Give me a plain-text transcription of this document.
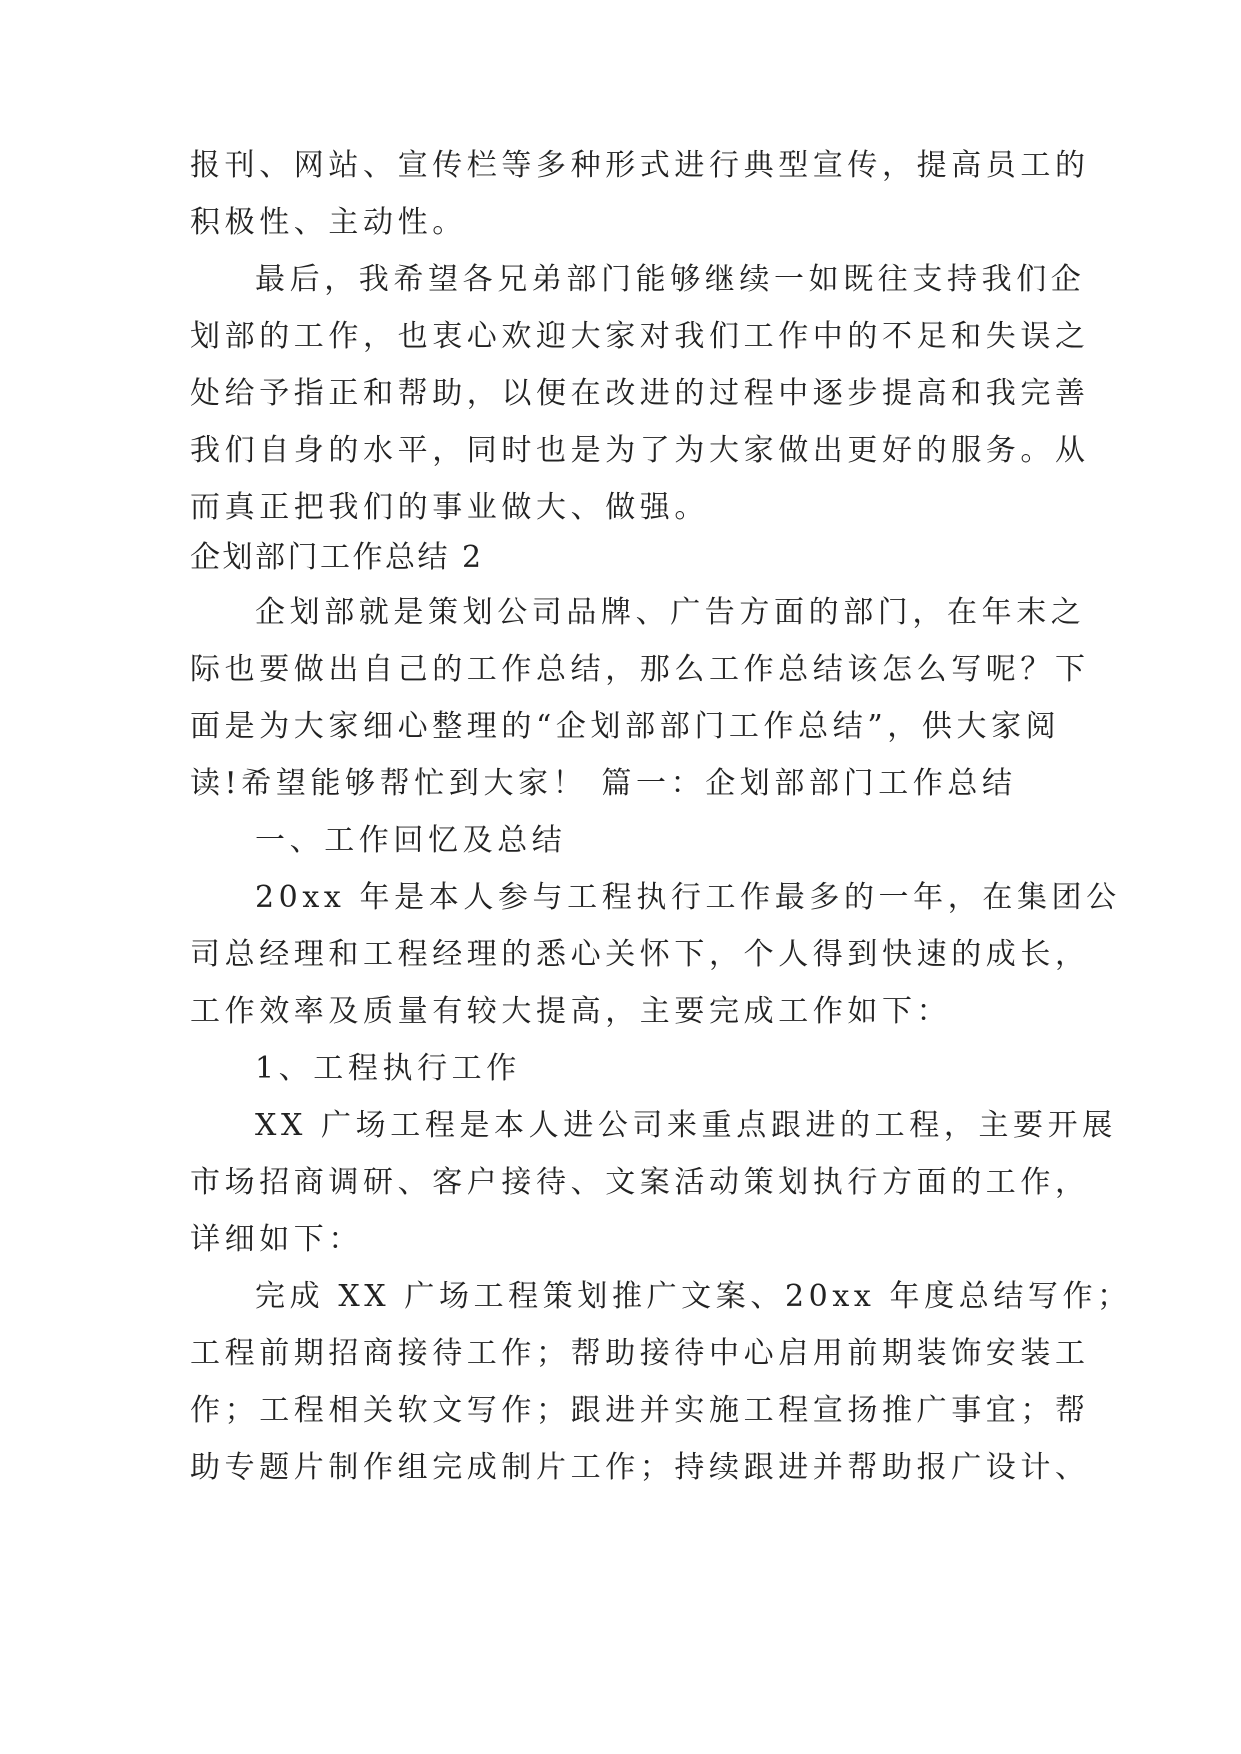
报刊、网站、宣传栏等多种形式进行典型宣传，提高员工的
积极性、主动性。
最后，我希望各兄弟部门能够继续一如既往支持我们企
划部的工作，也衷心欢迎大家对我们工作中的不足和失误之
处给予指正和帮助，以便在改进的过程中逐步提高和我完善
我们自身的水平，同时也是为了为大家做出更好的服务。从
而真正把我们的事业做大、做强。
企划部门工作总结 2
企划部就是策划公司品牌、广告方面的部门，在年末之
际也要做出自己的工作总结，那么工作总结该怎么写呢？下
面是为大家细心整理的“企划部部门工作总结”，供大家阅
读!希望能够帮忙到大家！ 篇一：企划部部门工作总结
一、工作回忆及总结
20xx 年是本人参与工程执行工作最多的一年，在集团公
司总经理和工程经理的悉心关怀下，个人得到快速的成长，
工作效率及质量有较大提高，主要完成工作如下：
1、工程执行工作
XX 广场工程是本人进公司来重点跟进的工程，主要开展
市场招商调研、客户接待、文案活动策划执行方面的工作，
详细如下：
完成 XX 广场工程策划推广文案、20xx 年度总结写作；
工程前期招商接待工作；帮助接待中心启用前期装饰安装工
作；工程相关软文写作；跟进并实施工程宣扬推广事宜；帮
助专题片制作组完成制片工作；持续跟进并帮助报广设计、
